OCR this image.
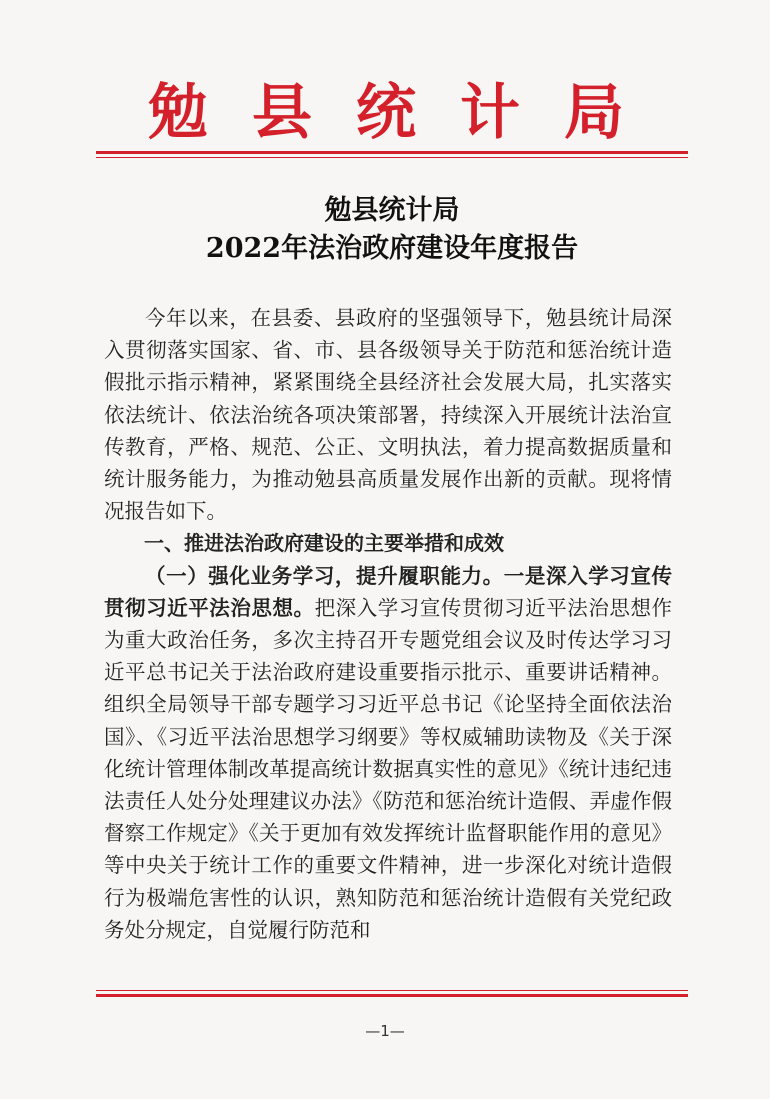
勉县统计局
勉县统计局
2022年法治政府建设年度报告

今年以来，在县委、县政府的坚强领导下，勉县统计局深入贯彻落实国家、省、市、县各级领导关于防范和惩治统计造假批示指示精神，紧紧围绕全县经济社会发展大局，扎实落实依法统计、依法治统各项决策部署，持续深入开展统计法治宣传教育，严格、规范、公正、文明执法，着力提高数据质量和统计服务能力，为推动勉县高质量发展作出新的贡献。现将情况报告如下。

一、推进法治政府建设的主要举措和成效

（一）强化业务学习，提升履职能力。一是深入学习宣传贯彻习近平法治思想。把深入学习宣传贯彻习近平法治思想作为重大政治任务，多次主持召开专题党组会议及时传达学习习近平总书记关于法治政府建设重要指示批示、重要讲话精神。组织全局领导干部专题学习习近平总书记《论坚持全面依法治国》、《习近平法治思想学习纲要》等权威辅助读物及《关于深化统计管理体制改革提高统计数据真实性的意见》《统计违纪违法责任人处分处理建议办法》《防范和惩治统计造假、弄虚作假督察工作规定》《关于更加有效发挥统计监督职能作用的意见》等中央关于统计工作的重要文件精神，进一步深化对统计造假行为极端危害性的认识，熟知防范和惩治统计造假有关党纪政务处分规定，自觉履行防范和

—1—
